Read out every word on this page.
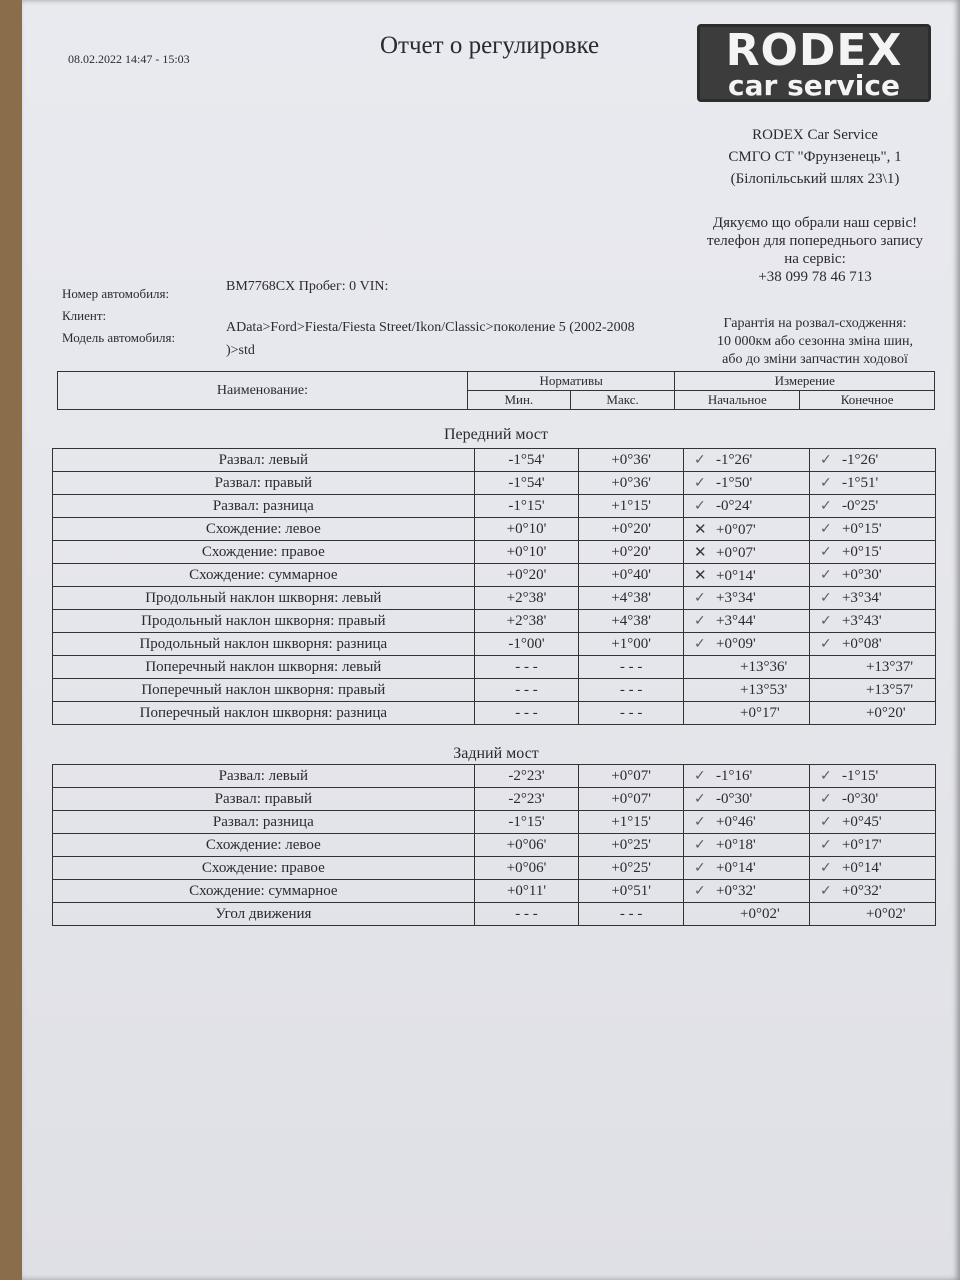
08.02.2022 14:47 - 15:03	Отчет о регулировке	RODEX
car service
RODEX Car Service
СМГО СТ "Фрунзенець", 1
(Білопільський шлях 23\1)
Дякуємо що обрали наш сервіс!
телефон для попереднього запису
на сервіс:
+38 099 78 46 713
Номер автомобиля:	BM7768CX Пробег: 0 VIN:
Клиент:
Модель автомобиля:
AData>Ford>Fiesta/Fiesta Street/Ikon/Classic>поколение 5 (2002-2008
)>std
Гарантія на розвал-сходження:
10 000км або сезонна зміна шин,
або до зміни запчастин ходової
Наименование:	Нормативы		Измерение	
	Мин.	Макс.	Начальное	Конечное
Передний мост
Развал: левый	-1°54'	+0°36'	✓ -1°26'	✓ -1°26'
Развал: правый	-1°54'	+0°36'	✓ -1°50'	✓ -1°51'
Развал: разница	-1°15'	+1°15'	✓ -0°24'	✓ -0°25'
Схождение: левое	+0°10'	+0°20'	✕ +0°07'	✓ +0°15'
Схождение: правое	+0°10'	+0°20'	✕ +0°07'	✓ +0°15'
Схождение: суммарное	+0°20'	+0°40'	✕ +0°14'	✓ +0°30'
Продольный наклон шкворня: левый	+2°38'	+4°38'	✓ +3°34'	✓ +3°34'
Продольный наклон шкворня: правый	+2°38'	+4°38'	✓ +3°44'	✓ +3°43'
Продольный наклон шкворня: разница	-1°00'	+1°00'	✓ +0°09'	✓ +0°08'
Поперечный наклон шкворня: левый	- - -	- - -	+13°36'	+13°37'
Поперечный наклон шкворня: правый	- - -	- - -	+13°53'	+13°57'
Поперечный наклон шкворня: разница	- - -	- - -	+0°17'	+0°20'
Задний мост
Развал: левый	-2°23'	+0°07'	✓ -1°16'	✓ -1°15'
Развал: правый	-2°23'	+0°07'	✓ -0°30'	✓ -0°30'
Развал: разница	-1°15'	+1°15'	✓ +0°46'	✓ +0°45'
Схождение: левое	+0°06'	+0°25'	✓ +0°18'	✓ +0°17'
Схождение: правое	+0°06'	+0°25'	✓ +0°14'	✓ +0°14'
Схождение: суммарное	+0°11'	+0°51'	✓ +0°32'	✓ +0°32'
Угол движения	- - -	- - -	+0°02'	+0°02'
